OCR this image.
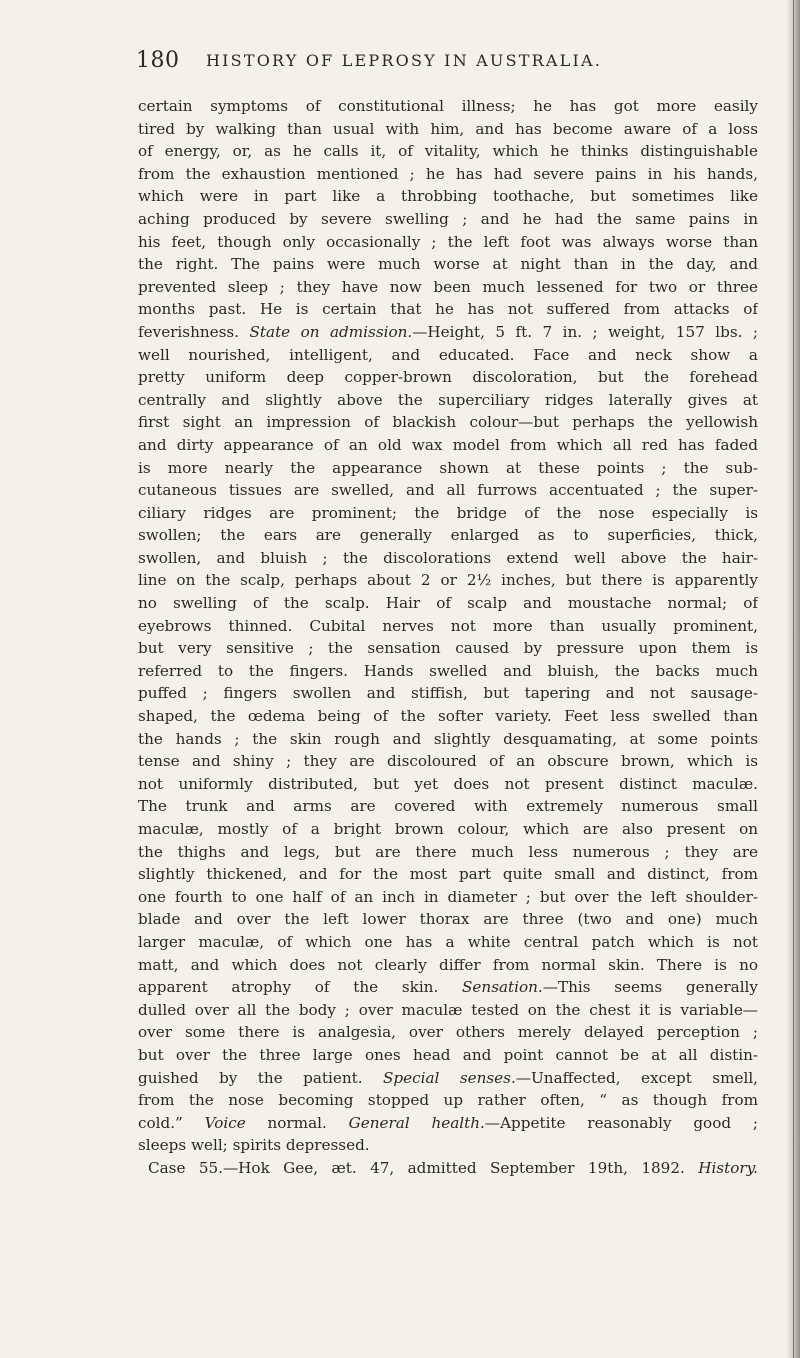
180 HISTORY OF LEPROSY IN AUSTRALIA.
certain symptoms of constitutional illness; he has got more easily
tired by walking than usual with him, and has become aware of a loss
of energy, or, as he calls it, of vitality, which he thinks distinguishable
from the exhaustion mentioned ; he has had severe pains in his hands,
which were in part like a throbbing toothache, but sometimes like
aching produced by severe swelling ; and he had the same pains in
his feet, though only occasionally ; the left foot was always worse than
the right. The pains were much worse at night than in the day, and
prevented sleep ; they have now been much lessened for two or three
months past. He is certain that he has not suffered from attacks of
feverishness. State on admission.—Height, 5 ft. 7 in. ; weight, 157 lbs. ;
well nourished, intelligent, and educated. Face and neck show a
pretty uniform deep copper-brown discoloration, but the forehead
centrally and slightly above the superciliary ridges laterally gives at
first sight an impression of blackish colour—but perhaps the yellowish
and dirty appearance of an old wax model from which all red has faded
is more nearly the appearance shown at these points ; the sub-
cutaneous tissues are swelled, and all furrows accentuated ; the super-
ciliary ridges are prominent; the bridge of the nose especially is
swollen; the ears are generally enlarged as to superficies, thick,
swollen, and bluish ; the discolorations extend well above the hair-
line on the scalp, perhaps about 2 or 2½ inches, but there is apparently
no swelling of the scalp. Hair of scalp and moustache normal; of
eyebrows thinned. Cubital nerves not more than usually prominent,
but very sensitive ; the sensation caused by pressure upon them is
referred to the fingers. Hands swelled and bluish, the backs much
puffed ; fingers swollen and stiffish, but tapering and not sausage-
shaped, the œdema being of the softer variety. Feet less swelled than
the hands ; the skin rough and slightly desquamating, at some points
tense and shiny ; they are discoloured of an obscure brown, which is
not uniformly distributed, but yet does not present distinct maculæ.
The trunk and arms are covered with extremely numerous small
maculæ, mostly of a bright brown colour, which are also present on
the thighs and legs, but are there much less numerous ; they are
slightly thickened, and for the most part quite small and distinct, from
one fourth to one half of an inch in diameter ; but over the left shoulder-
blade and over the left lower thorax are three (two and one) much
larger maculæ, of which one has a white central patch which is not
matt, and which does not clearly differ from normal skin. There is no
apparent atrophy of the skin. Sensation.—This seems generally
dulled over all the body ; over maculæ tested on the chest it is variable—
over some there is analgesia, over others merely delayed perception ;
but over the three large ones head and point cannot be at all distin-
guished by the patient. Special senses.—Unaffected, except smell,
from the nose becoming stopped up rather often, “ as though from
cold.” Voice normal. General health.—Appetite reasonably good ;
sleeps well; spirits depressed.
Case 55.—Hok Gee, æt. 47, admitted September 19th, 1892. History.
